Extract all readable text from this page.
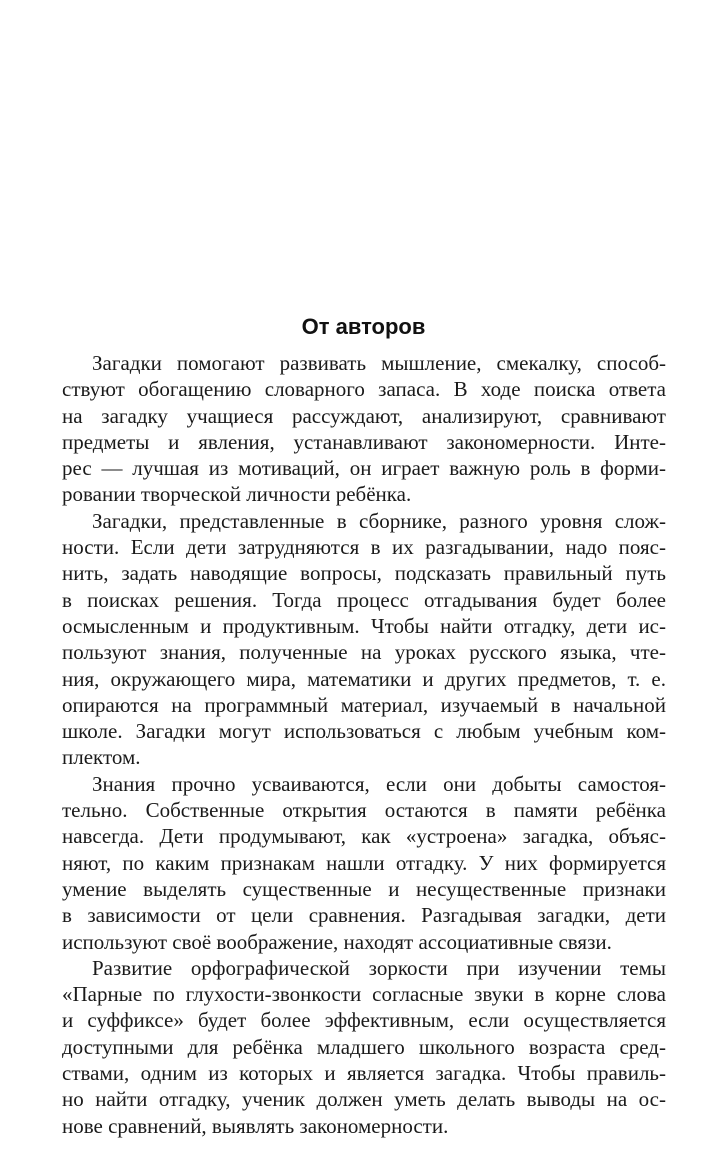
От авторов
Загадки помогают развивать мышление, смекалку, способ-
ствуют обогащению словарного запаса. В ходе поиска ответа
на загадку учащиеся рассуждают, анализируют, сравнивают
предметы и явления, устанавливают закономерности. Инте-
рес — лучшая из мотиваций, он играет важную роль в форми-
ровании творческой личности ребёнка.
Загадки, представленные в сборнике, разного уровня слож-
ности. Если дети затрудняются в их разгадывании, надо пояс-
нить, задать наводящие вопросы, подсказать правильный путь
в поисках решения. Тогда процесс отгадывания будет более
осмысленным и продуктивным. Чтобы найти отгадку, дети ис-
пользуют знания, полученные на уроках русского языка, чте-
ния, окружающего мира, математики и других предметов, т. е.
опираются на программный материал, изучаемый в начальной
школе. Загадки могут использоваться с любым учебным ком-
плектом.
Знания прочно усваиваются, если они добыты самостоя-
тельно. Собственные открытия остаются в памяти ребёнка
навсегда. Дети продумывают, как «устроена» загадка, объяс-
няют, по каким признакам нашли отгадку. У них формируется
умение выделять существенные и несущественные признаки
в зависимости от цели сравнения. Разгадывая загадки, дети
используют своё воображение, находят ассоциативные связи.
Развитие орфографической зоркости при изучении темы
«Парные по глухости-звонкости согласные звуки в корне слова
и суффиксе» будет более эффективным, если осуществляется
доступными для ребёнка младшего школьного возраста сред-
ствами, одним из которых и является загадка. Чтобы правиль-
но найти отгадку, ученик должен уметь делать выводы на ос-
нове сравнений, выявлять закономерности.
